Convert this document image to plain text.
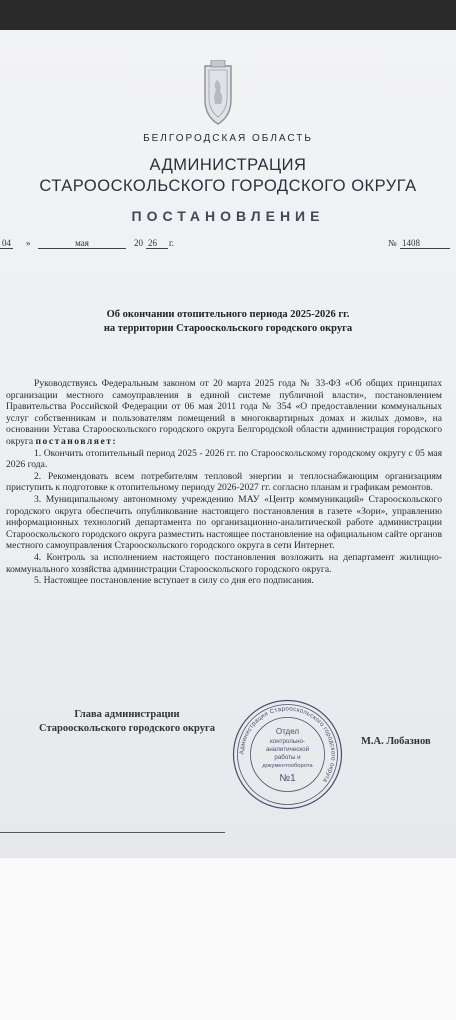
БЕЛГОРОДСКАЯ ОБЛАСТЬ
АДМИНИСТРАЦИЯ
СТАРООСКОЛЬСКОГО ГОРОДСКОГО ОКРУГА
ПОСТАНОВЛЕНИЕ
04 »	мая	20 26	г.	№ 1408
Об окончании отопительного периода 2025-2026 гг.
на территории Старооскольского городского округа

Руководствуясь Федеральным законом от 20 марта 2025 года № 33-ФЗ «Об общих принципах организации местного самоуправления в единой системе публичной власти», постановлением Правительства Российской Федерации от 06 мая 2011 года № 354 «О предоставлении коммунальных услуг собственникам и пользователям помещений в многоквартирных домах и жилых домов», на основании Устава Старооскольского городского округа Белгородской области администрация городского округа постановляет:

1. Окончить отопительный период 2025 - 2026 гг. по Старооскольскому городскому округу с 05 мая 2026 года.

2. Рекомендовать всем потребителям тепловой энергии и теплоснабжающим организациям приступить к подготовке к отопительному периоду 2026-2027 гг. согласно планам и графикам ремонтов.

3. Муниципальному автономному учреждению МАУ «Центр коммуникаций» Старооскольского городского округа обеспечить опубликование настоящего постановления в газете «Зори», управлению информационных технологий департамента по организационно-аналитической работе администрации Старооскольского городского округа разместить настоящее постановление на официальном сайте органов местного самоуправления Старооскольского городского округа в сети Интернет.

4. Контроль за исполнением настоящего постановления возложить на департамент жилищно-коммунального хозяйства администрации Старооскольского городского округа.

5. Настоящее постановление вступает в силу со дня его подписания.

Глава администрации
Старооскольского городского округа
Администрация Старооскольского городского округа
Отдел
контрольно-
аналитической
работы и
документооборота
№1
М.А. Лобазнов
